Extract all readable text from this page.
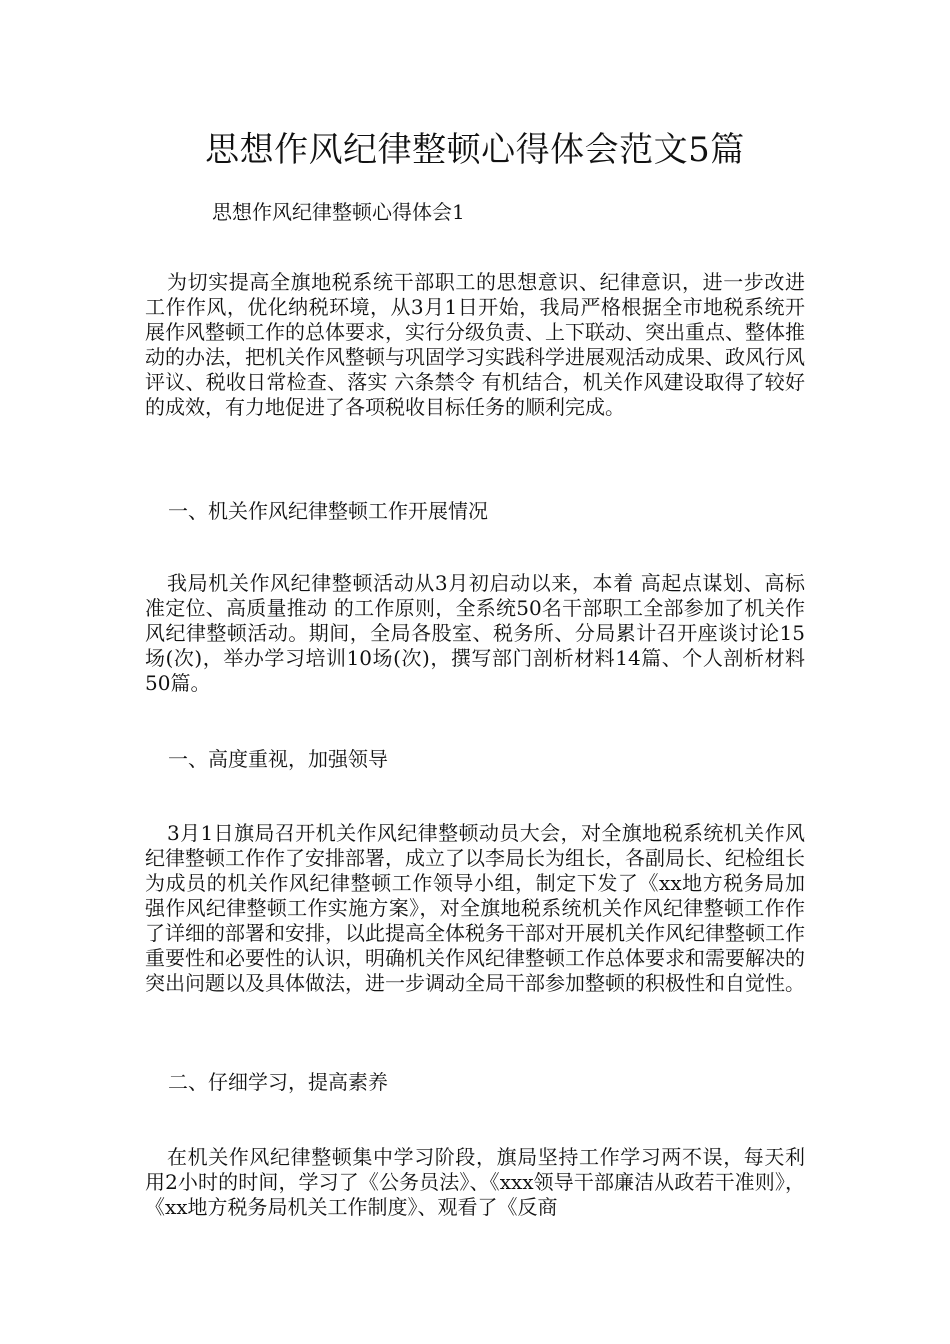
思想作风纪律整顿心得体会范文5篇
思想作风纪律整顿心得体会1

为切实提高全旗地税系统干部职工的思想意识、纪律意识，进一步改进工作作风，优化纳税环境，从3月1日开始，我局严格根据全市地税系统开展作风整顿工作的总体要求，实行分级负责、上下联动、突出重点、整体推动的办法，把机关作风整顿与巩固学习实践科学进展观活动成果、政风行风评议、税收日常检查、落实 六条禁令 有机结合，机关作风建设取得了较好的成效，有力地促进了各项税收目标任务的顺利完成。

一、机关作风纪律整顿工作开展情况

我局机关作风纪律整顿活动从3月初启动以来，本着 高起点谋划、高标准定位、高质量推动 的工作原则，全系统50名干部职工全部参加了机关作风纪律整顿活动。期间，全局各股室、税务所、分局累计召开座谈讨论15场(次)，举办学习培训10场(次)，撰写部门剖析材料14篇、个人剖析材料50篇。

一、高度重视，加强领导

3月1日旗局召开机关作风纪律整顿动员大会，对全旗地税系统机关作风纪律整顿工作作了安排部署，成立了以李局长为组长，各副局长、纪检组长为成员的机关作风纪律整顿工作领导小组，制定下发了《xx地方税务局加强作风纪律整顿工作实施方案》，对全旗地税系统机关作风纪律整顿工作作了详细的部署和安排，以此提高全体税务干部对开展机关作风纪律整顿工作重要性和必要性的认识，明确机关作风纪律整顿工作总体要求和需要解决的突出问题以及具体做法，进一步调动全局干部参加整顿的积极性和自觉性。

二、仔细学习，提高素养

在机关作风纪律整顿集中学习阶段，旗局坚持工作学习两不误，每天利用2小时的时间，学习了《公务员法》、《xxx领导干部廉洁从政若干准则》，《xx地方税务局机关工作制度》、观看了《反商
